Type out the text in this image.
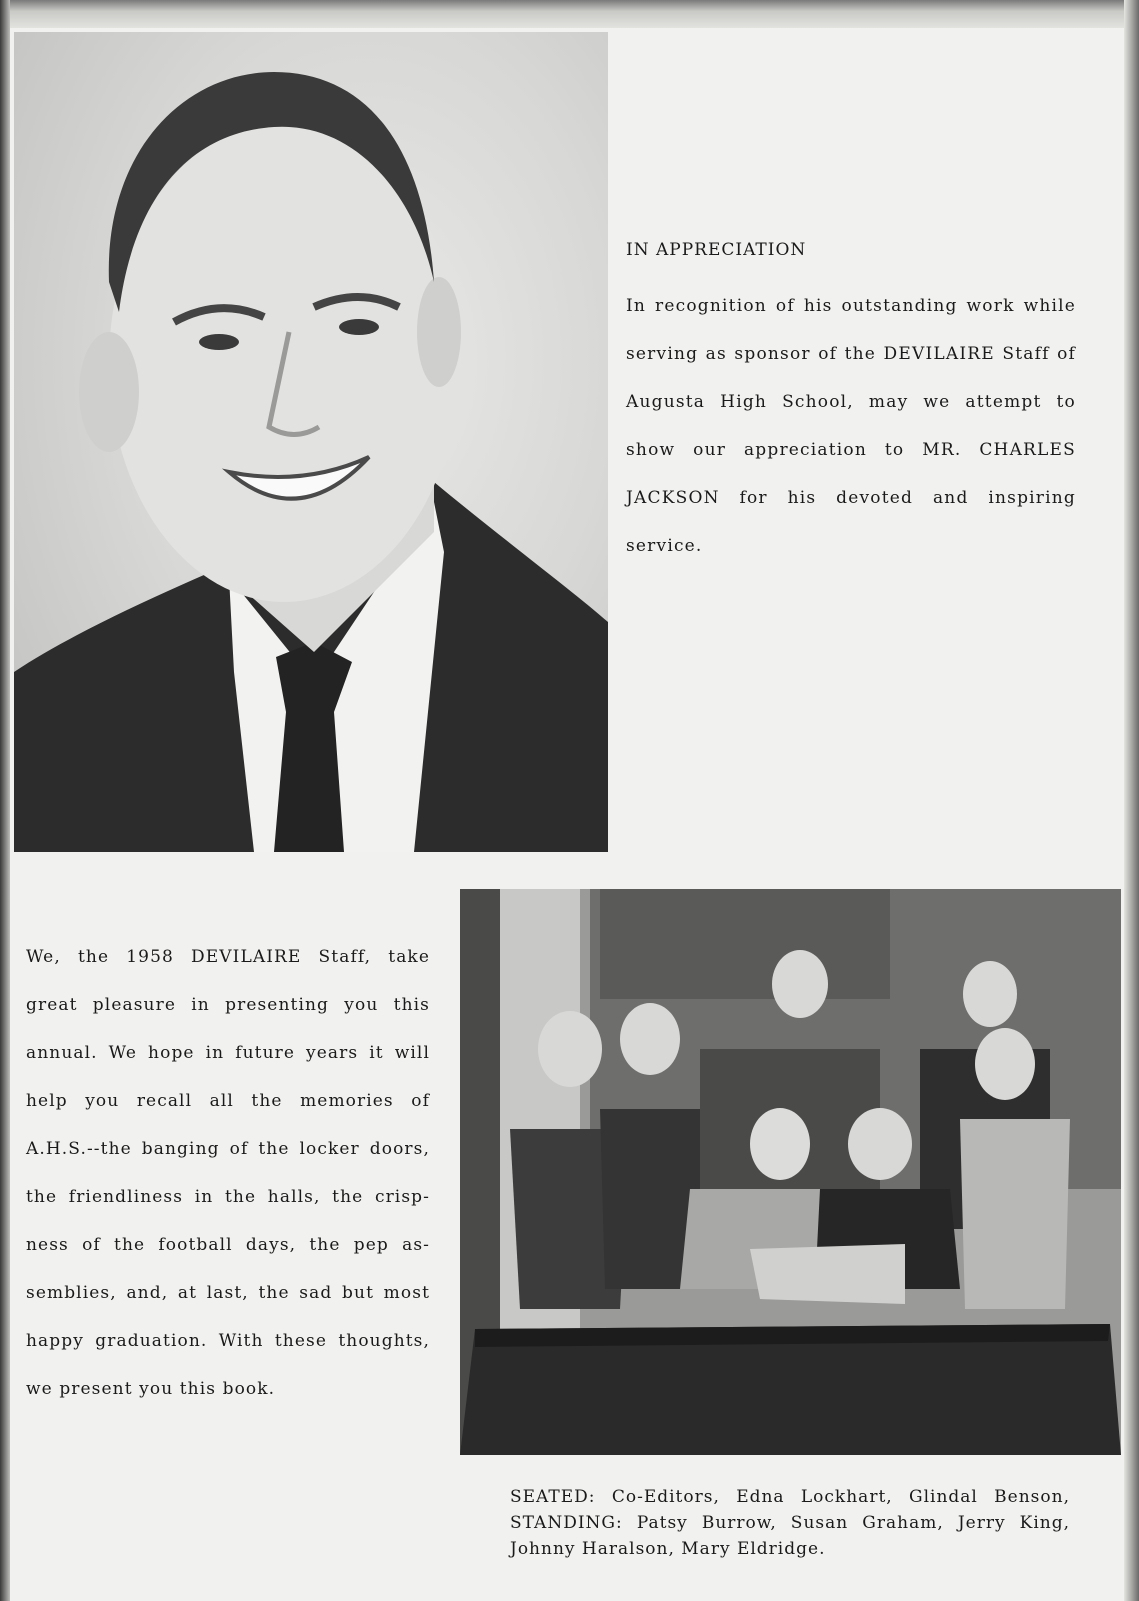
IN APPRECIATION

In recognition of his outstanding work while serving as sponsor of the DEVILAIRE Staff of Augusta High School, may we attempt to show our appreciation to MR. CHARLES JACKSON for his devoted and inspiring service.

We, the 1958 DEVILAIRE Staff, take great pleasure in presenting you this annual. We hope in future years it will help you recall all the memories of A.H.S.--the banging of the locker doors, the friendliness in the halls, the crisp-ness of the football days, the pep as-semblies, and, at last, the sad but most happy graduation. With these thoughts, we present you this book.

SEATED: Co-Editors, Edna Lockhart, Glindal Benson, STANDING: Patsy Burrow, Susan Graham, Jerry King, Johnny Haralson, Mary Eldridge.
